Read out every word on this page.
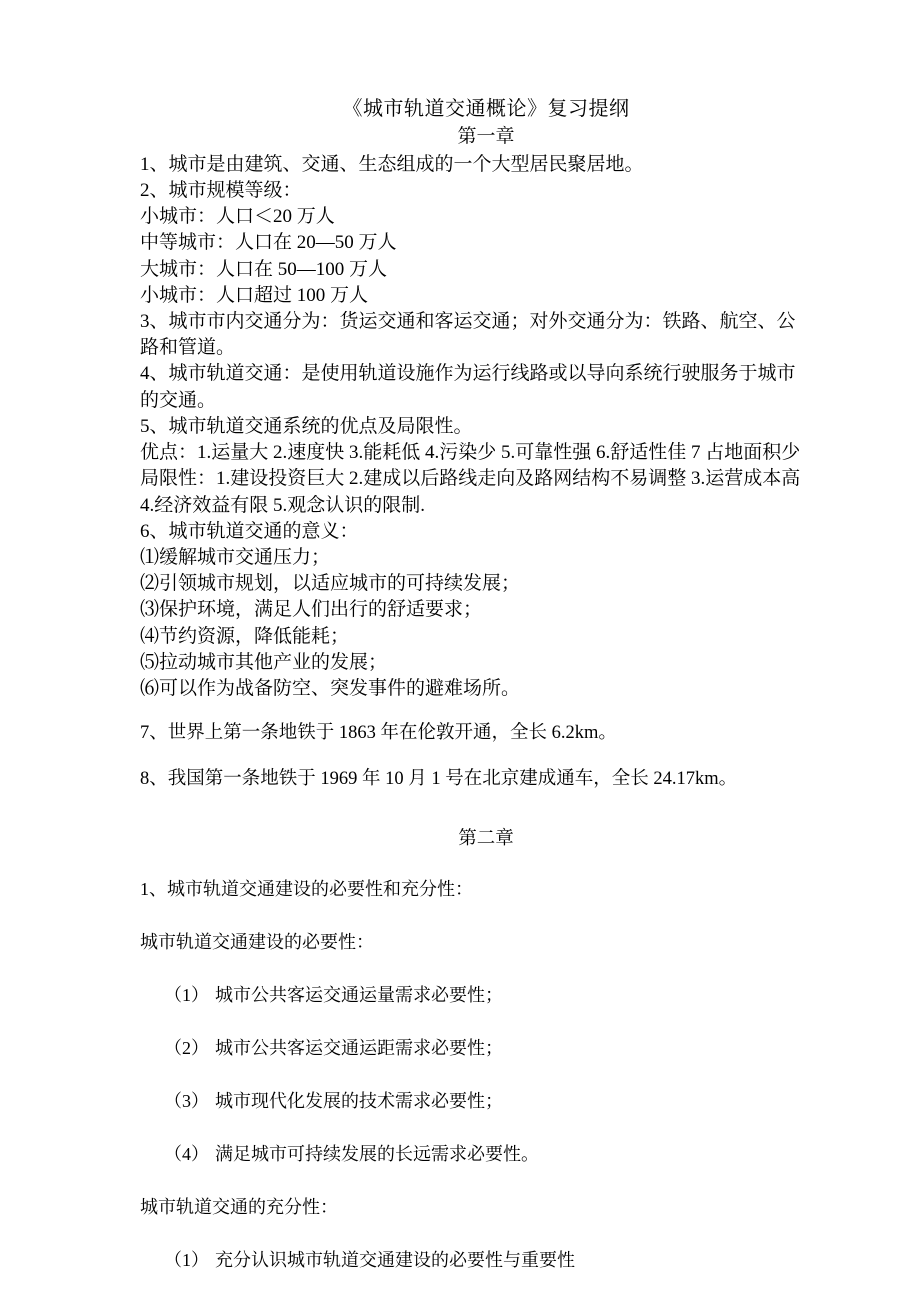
《城市轨道交通概论》复习提纲
第一章

1、城市是由建筑、交通、生态组成的一个大型居民聚居地。

2、城市规模等级：

小城市：人口＜20 万人

中等城市：人口在 20—50 万人

大城市：人口在 50—100 万人

小城市：人口超过 100 万人

3、城市市内交通分为：货运交通和客运交通；对外交通分为：铁路、航空、公

路和管道。

4、城市轨道交通：是使用轨道设施作为运行线路或以导向系统行驶服务于城市

的交通。

5、城市轨道交通系统的优点及局限性。

优点：1.运量大 2.速度快 3.能耗低 4.污染少 5.可靠性强 6.舒适性佳 7 占地面积少

局限性：1.建设投资巨大 2.建成以后路线走向及路网结构不易调整 3.运营成本高

4.经济效益有限 5.观念认识的限制.

6、城市轨道交通的意义：

⑴缓解城市交通压力；

⑵引领城市规划，以适应城市的可持续发展；

⑶保护环境，满足人们出行的舒适要求；

⑷节约资源，降低能耗；

⑸拉动城市其他产业的发展；

⑹可以作为战备防空、突发事件的避难场所。

7、世界上第一条地铁于 1863 年在伦敦开通，全长 6.2km。

8、我国第一条地铁于 1969 年 10 月 1 号在北京建成通车，全长 24.17km。

第二章

1、城市轨道交通建设的必要性和充分性：

城市轨道交通建设的必要性：

（1） 城市公共客运交通运量需求必要性；

（2） 城市公共客运交通运距需求必要性；

（3） 城市现代化发展的技术需求必要性；

（4） 满足城市可持续发展的长远需求必要性。

城市轨道交通的充分性：

（1） 充分认识城市轨道交通建设的必要性与重要性
